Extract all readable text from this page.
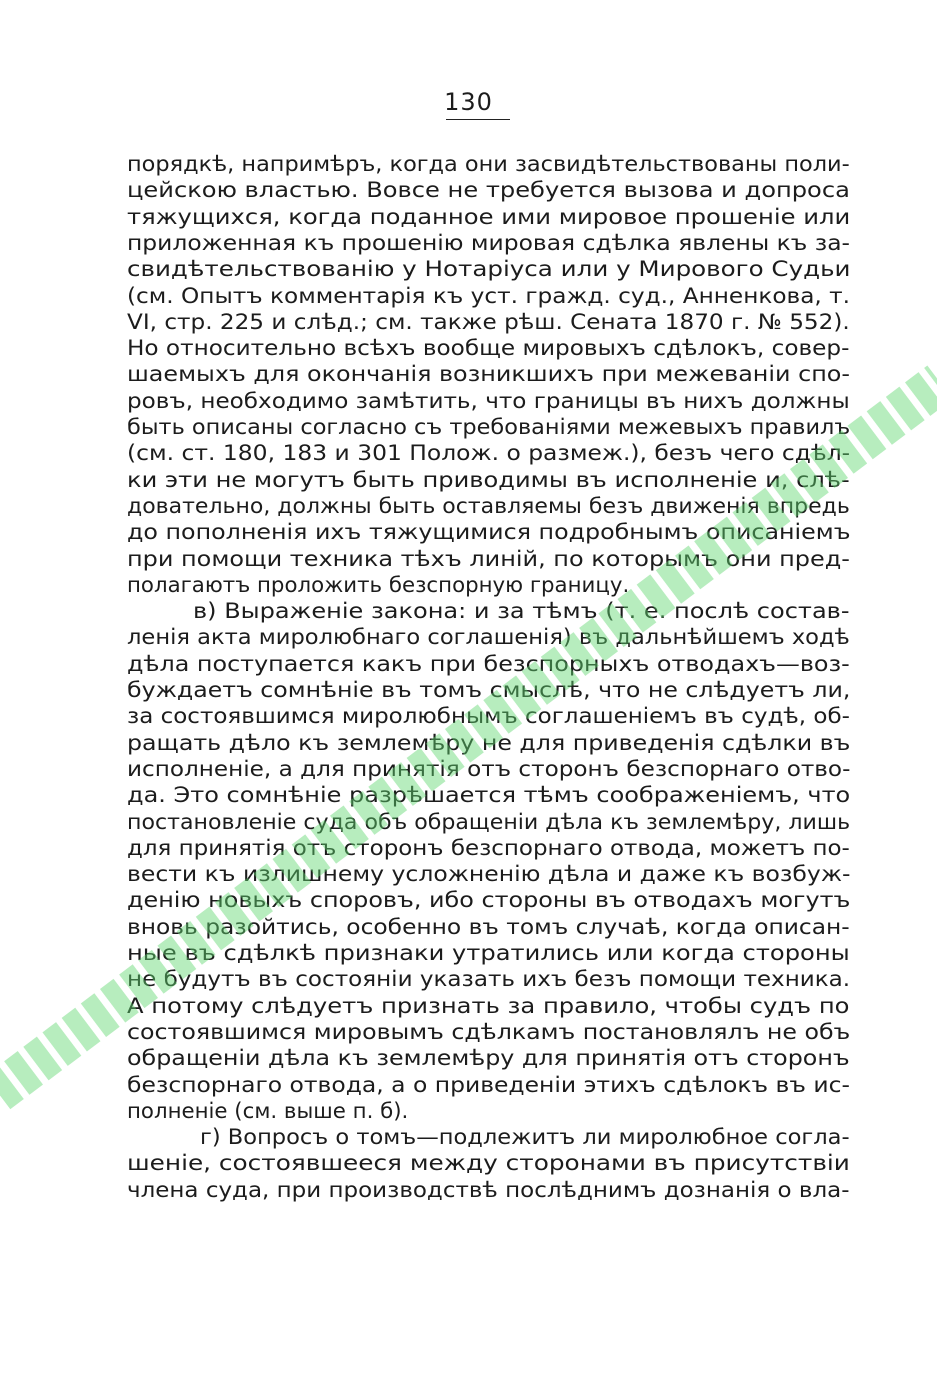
130
порядкѣ, напримѣръ, когда они засвидѣтельствованы поли-
цейскою властью. Вовсе не требуется вызова и допроса
тяжущихся, когда поданное ими мировое прошеніе или
приложенная къ прошенію мировая сдѣлка явлены къ за-
свидѣтельствованію у Нотаріуса или у Мирового Судьи
(см. Опытъ комментарія къ уст. гражд. суд., Анненкова, т.
VI, стр. 225 и слѣд.; см. также рѣш. Сената 1870 г. № 552).
Но относительно всѣхъ вообще мировыхъ сдѣлокъ, совер-
шаемыхъ для окончанія возникшихъ при межеваніи спо-
ровъ, необходимо замѣтить, что границы въ нихъ должны
быть описаны согласно съ требованіями межевыхъ правилъ
(см. ст. 180, 183 и 301 Полож. о размеж.), безъ чего сдѣл-
ки эти не могутъ быть приводимы въ исполненіе и, слѣ-
довательно, должны быть оставляемы безъ движенія впредь
до пополненія ихъ тяжущимися подробнымъ описаніемъ
при помощи техника тѣхъ линій, по которымъ они пред-
полагаютъ проложить безспорную границу.
в) Выраженіе закона: и за тѣмъ (т. е. послѣ состав-
ленія акта миролюбнаго соглашенія) въ дальнѣйшемъ ходѣ
дѣла поступается какъ при безспорныхъ отводахъ—воз-
буждаетъ сомнѣніе въ томъ смыслѣ, что не слѣдуетъ ли,
за состоявшимся миролюбнымъ соглашеніемъ въ судѣ, об-
ращать дѣло къ землемѣру не для приведенія сдѣлки въ
исполненіе, а для принятія отъ сторонъ безспорнаго отво-
да. Это сомнѣніе разрѣшается тѣмъ соображеніемъ, что
постановленіе суда объ обращеніи дѣла къ землемѣру, лишь
для принятія отъ сторонъ безспорнаго отвода, можетъ по-
вести къ излишнему усложненію дѣла и даже къ возбуж-
денію новыхъ споровъ, ибо стороны въ отводахъ могутъ
вновь разойтись, особенно въ томъ случаѣ, когда описан-
ные въ сдѣлкѣ признаки утратились или когда стороны
не будутъ въ состояніи указать ихъ безъ помощи техника.
А потому слѣдуетъ признать за правило, чтобы судъ по
состоявшимся мировымъ сдѣлкамъ постановлялъ не объ
обращеніи дѣла къ землемѣру для принятія отъ сторонъ
безспорнаго отвода, а о приведеніи этихъ сдѣлокъ въ ис-
полненіе (см. выше п. б).
г) Вопросъ о томъ—подлежитъ ли миролюбное согла-
шеніе, состоявшееся между сторонами въ присутствіи
члена суда, при производствѣ послѣднимъ дознанія о вла-
